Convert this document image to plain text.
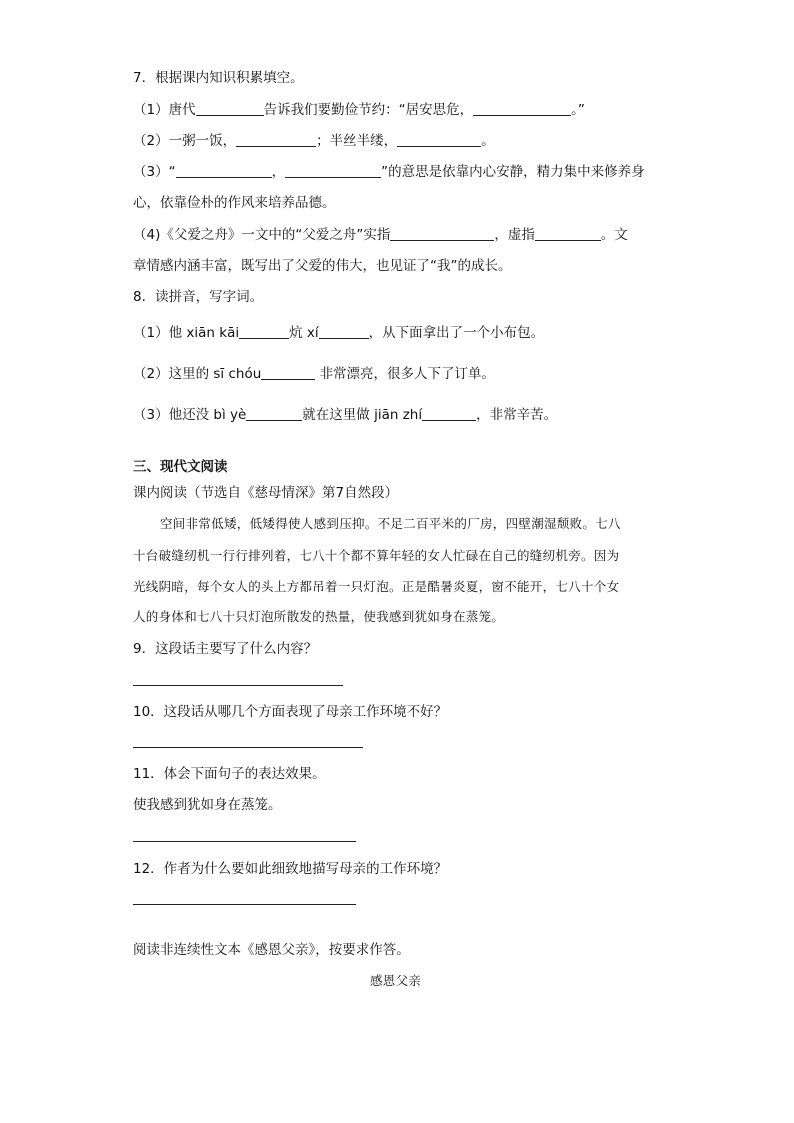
7．根据课内知识积累填空。
（1）唐代	告诉我们要勤俭节约：“居安思危，	。”
（2）一粥一饭，	；半丝半缕，	。
（3）“	，	”的意思是依靠内心安静，精力集中来修养身
心，依靠俭朴的作风来培养品德。
（4)《父爱之舟》一文中的“父爱之舟”实指	，虚指	。文
章情感内涵丰富，既写出了父爱的伟大，也见证了“我”的成长。
8．读拼音，写字词。
（1）他 xiān kāi	炕 xí	，从下面拿出了一个小布包。
（2）这里的 sī chóu	非常漂亮，很多人下了订单。
（3）他还没 bì yè	就在这里做 jiān zhí	，非常辛苦。
三、现代文阅读
课内阅读（节选自《慈母情深》第7自然段）
空间非常低矮，低矮得使人感到压抑。不足二百平米的厂房，四壁潮湿颓败。七八
十台破缝纫机一行行排列着，七八十个都不算年轻的女人忙碌在自己的缝纫机旁。因为
光线阴暗，每个女人的头上方都吊着一只灯泡。正是酷暑炎夏，窗不能开，七八十个女
人的身体和七八十只灯泡所散发的热量，使我感到犹如身在蒸笼。
9．这段话主要写了什么内容？
10．这段话从哪几个方面表现了母亲工作环境不好？
11．体会下面句子的表达效果。
使我感到犹如身在蒸笼。
12．作者为什么要如此细致地描写母亲的工作环境？
阅读非连续性文本《感恩父亲》，按要求作答。
感恩父亲
